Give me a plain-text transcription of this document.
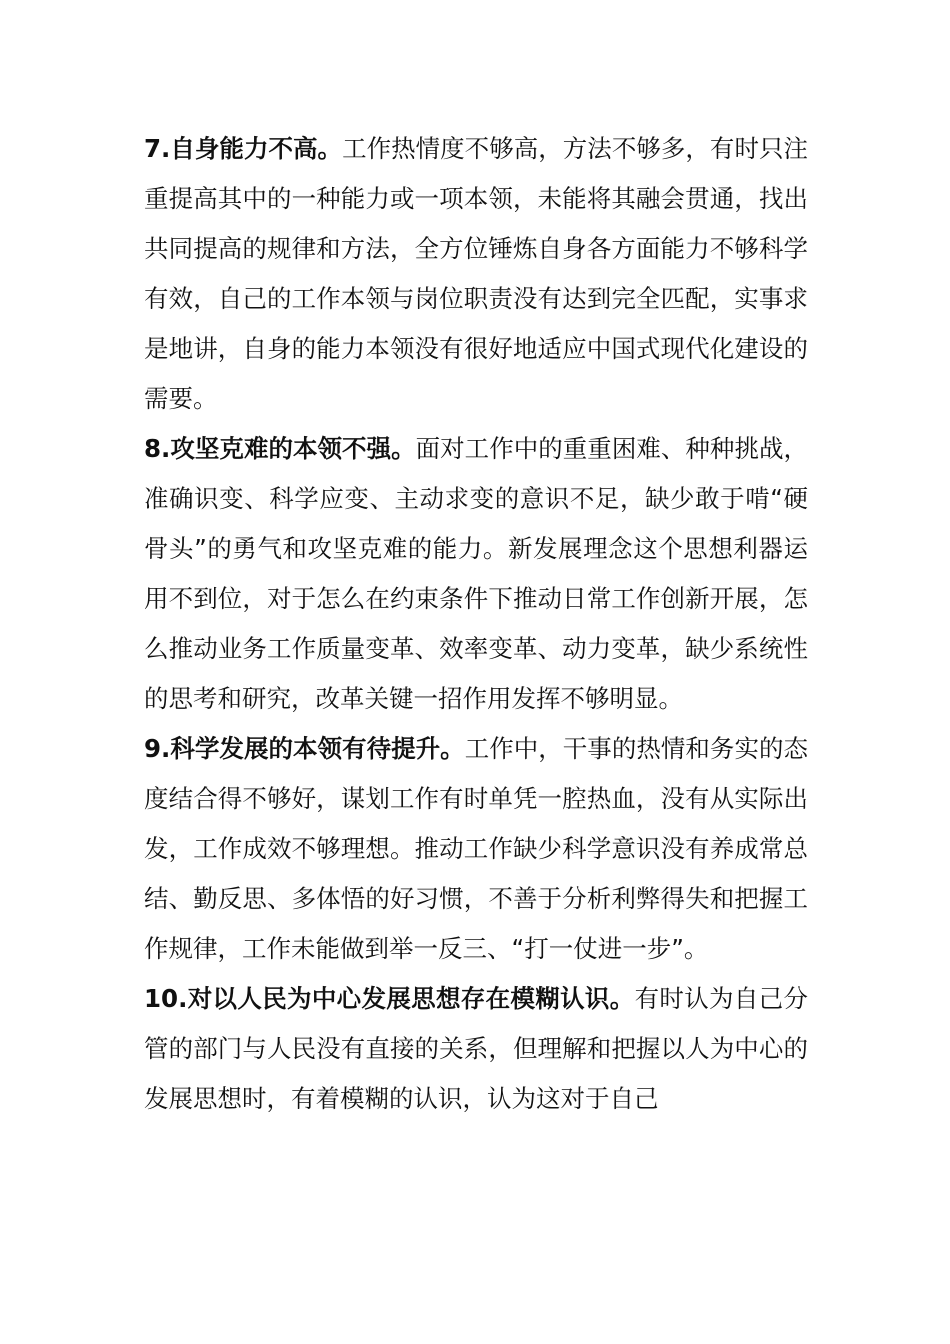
7.自身能力不高。工作热情度不够高，方法不够多，有时只注重提高其中的一种能力或一项本领，未能将其融会贯通，找出共同提高的规律和方法，全方位锤炼自身各方面能力不够科学有效，自己的工作本领与岗位职责没有达到完全匹配，实事求是地讲，自身的能力本领没有很好地适应中国式现代化建设的需要。

8.攻坚克难的本领不强。面对工作中的重重困难、种种挑战，准确识变、科学应变、主动求变的意识不足，缺少敢于啃“硬骨头”的勇气和攻坚克难的能力。新发展理念这个思想利器运用不到位，对于怎么在约束条件下推动日常工作创新开展，怎么推动业务工作质量变革、效率变革、动力变革，缺少系统性的思考和研究，改革关键一招作用发挥不够明显。

9.科学发展的本领有待提升。工作中，干事的热情和务实的态度结合得不够好，谋划工作有时单凭一腔热血，没有从实际出发，工作成效不够理想。推动工作缺少科学意识没有养成常总结、勤反思、多体悟的好习惯，不善于分析利弊得失和把握工作规律，工作未能做到举一反三、“打一仗进一步”。

10.对以人民为中心发展思想存在模糊认识。有时认为自己分管的部门与人民没有直接的关系，但理解和把握以人为中心的发展思想时，有着模糊的认识，认为这对于自己
